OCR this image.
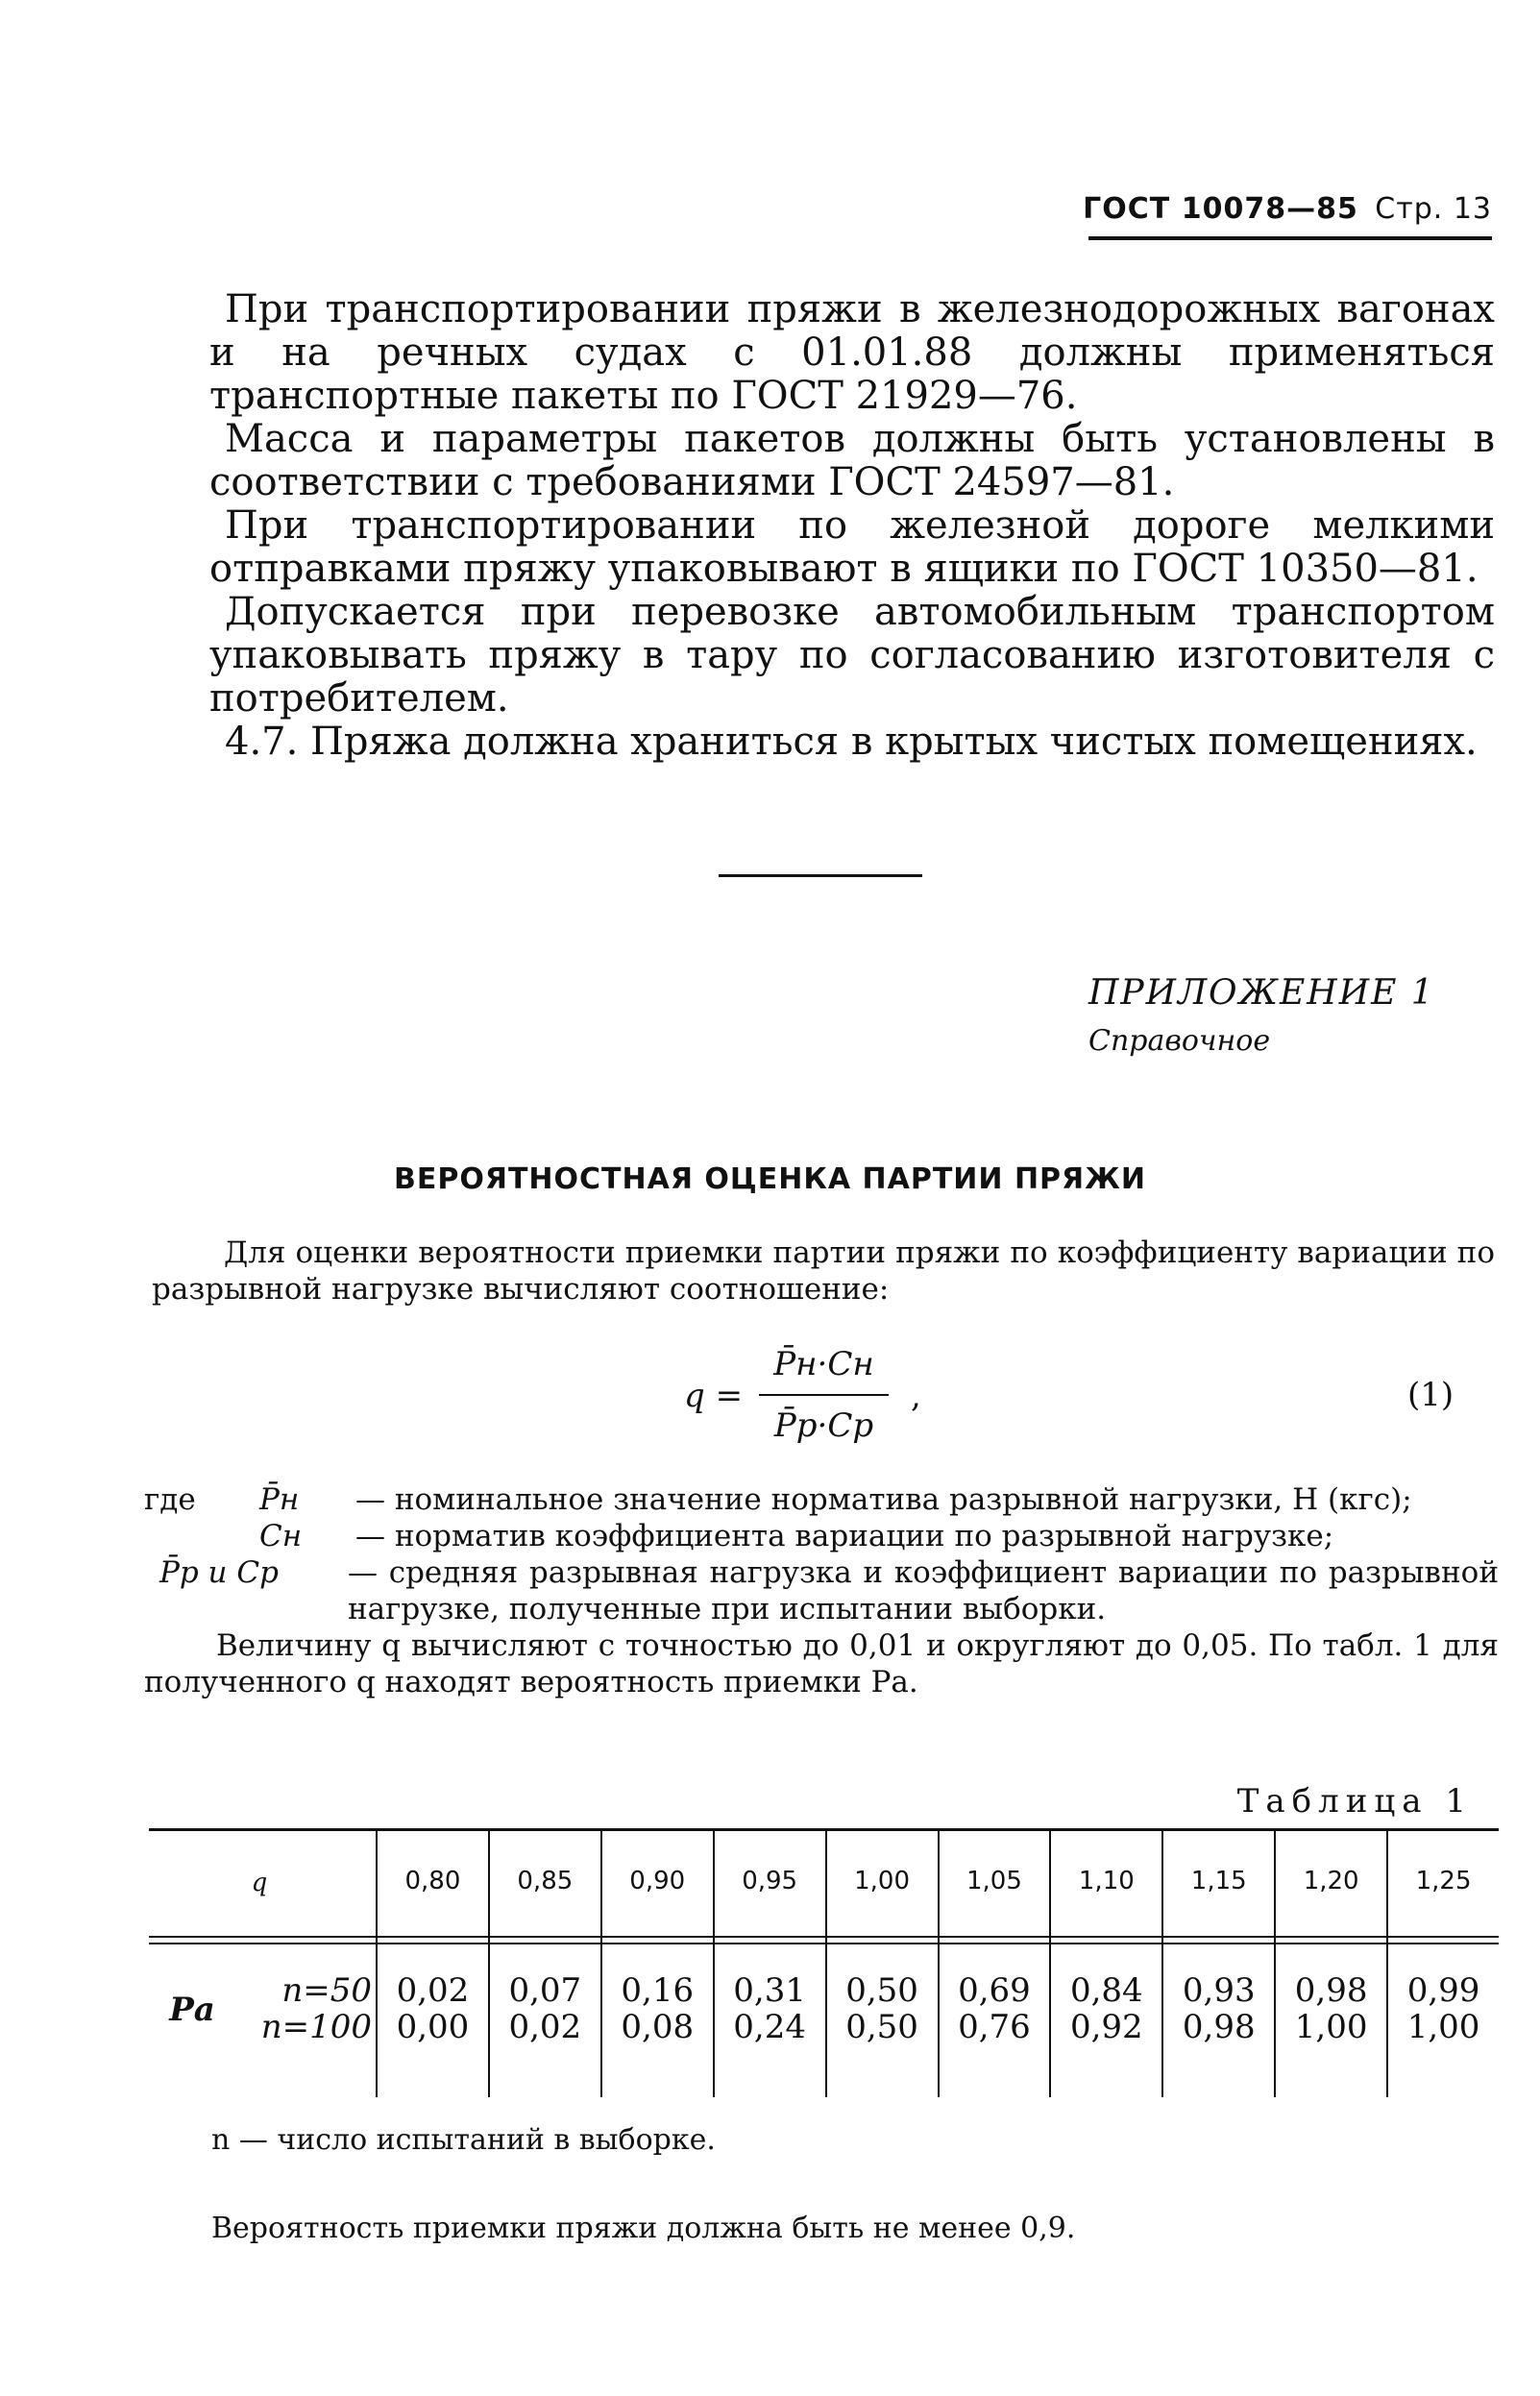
ГОСТ 10078—85 Стр. 13

При транспортировании пряжи в железнодорожных вагонах и на речных судах с 01.01.88 должны применяться транспортные пакеты по ГОСТ 21929—76.

Масса и параметры пакетов должны быть установлены в соответствии с требованиями ГОСТ 24597—81.

При транспортировании по железной дороге мелкими отправками пряжу упаковывают в ящики по ГОСТ 10350—81.

Допускается при перевозке автомобильным транспортом упаковывать пряжу в тару по согласованию изготовителя с потребителем.

4.7. Пряжа должна храниться в крытых чистых помещениях.

ПРИЛОЖЕНИЕ 1
Справочное
ВЕРОЯТНОСТНАЯ ОЦЕНКА ПАРТИИ ПРЯЖИ

Для оценки вероятности приемки партии пряжи по коэффициенту вариации по разрывной нагрузке вычисляют соотношение:

q =
P̄н·Cн
P̄р·Cр
,	(1)
где P̄н — номинальное значение норматива разрывной нагрузки, Н (кгс);
Cн — норматив коэффициента вариации по разрывной нагрузке;
P̄р и Cр — средняя разрывная нагрузка и коэффициент вариации по разрывной нагрузке, полученные при испытании выборки.
Величину q вычисляют с точностью до 0,01 и округляют до 0,05. По табл. 1 для полученного q находят вероятность приемки Pа.
Таблица 1
q
Pа	n=50
n=100
0,80
0,02
0,00
0,85
0,07
0,02
0,90
0,16
0,08
0,95
0,31
0,24
1,00
0,50
0,50
1,05
0,69
0,76
1,10
0,84
0,92
1,15
0,93
0,98
1,20
0,98
1,00
1,25
0,99
1,00
n — число испытаний в выборке.
Вероятность приемки пряжи должна быть не менее 0,9.
